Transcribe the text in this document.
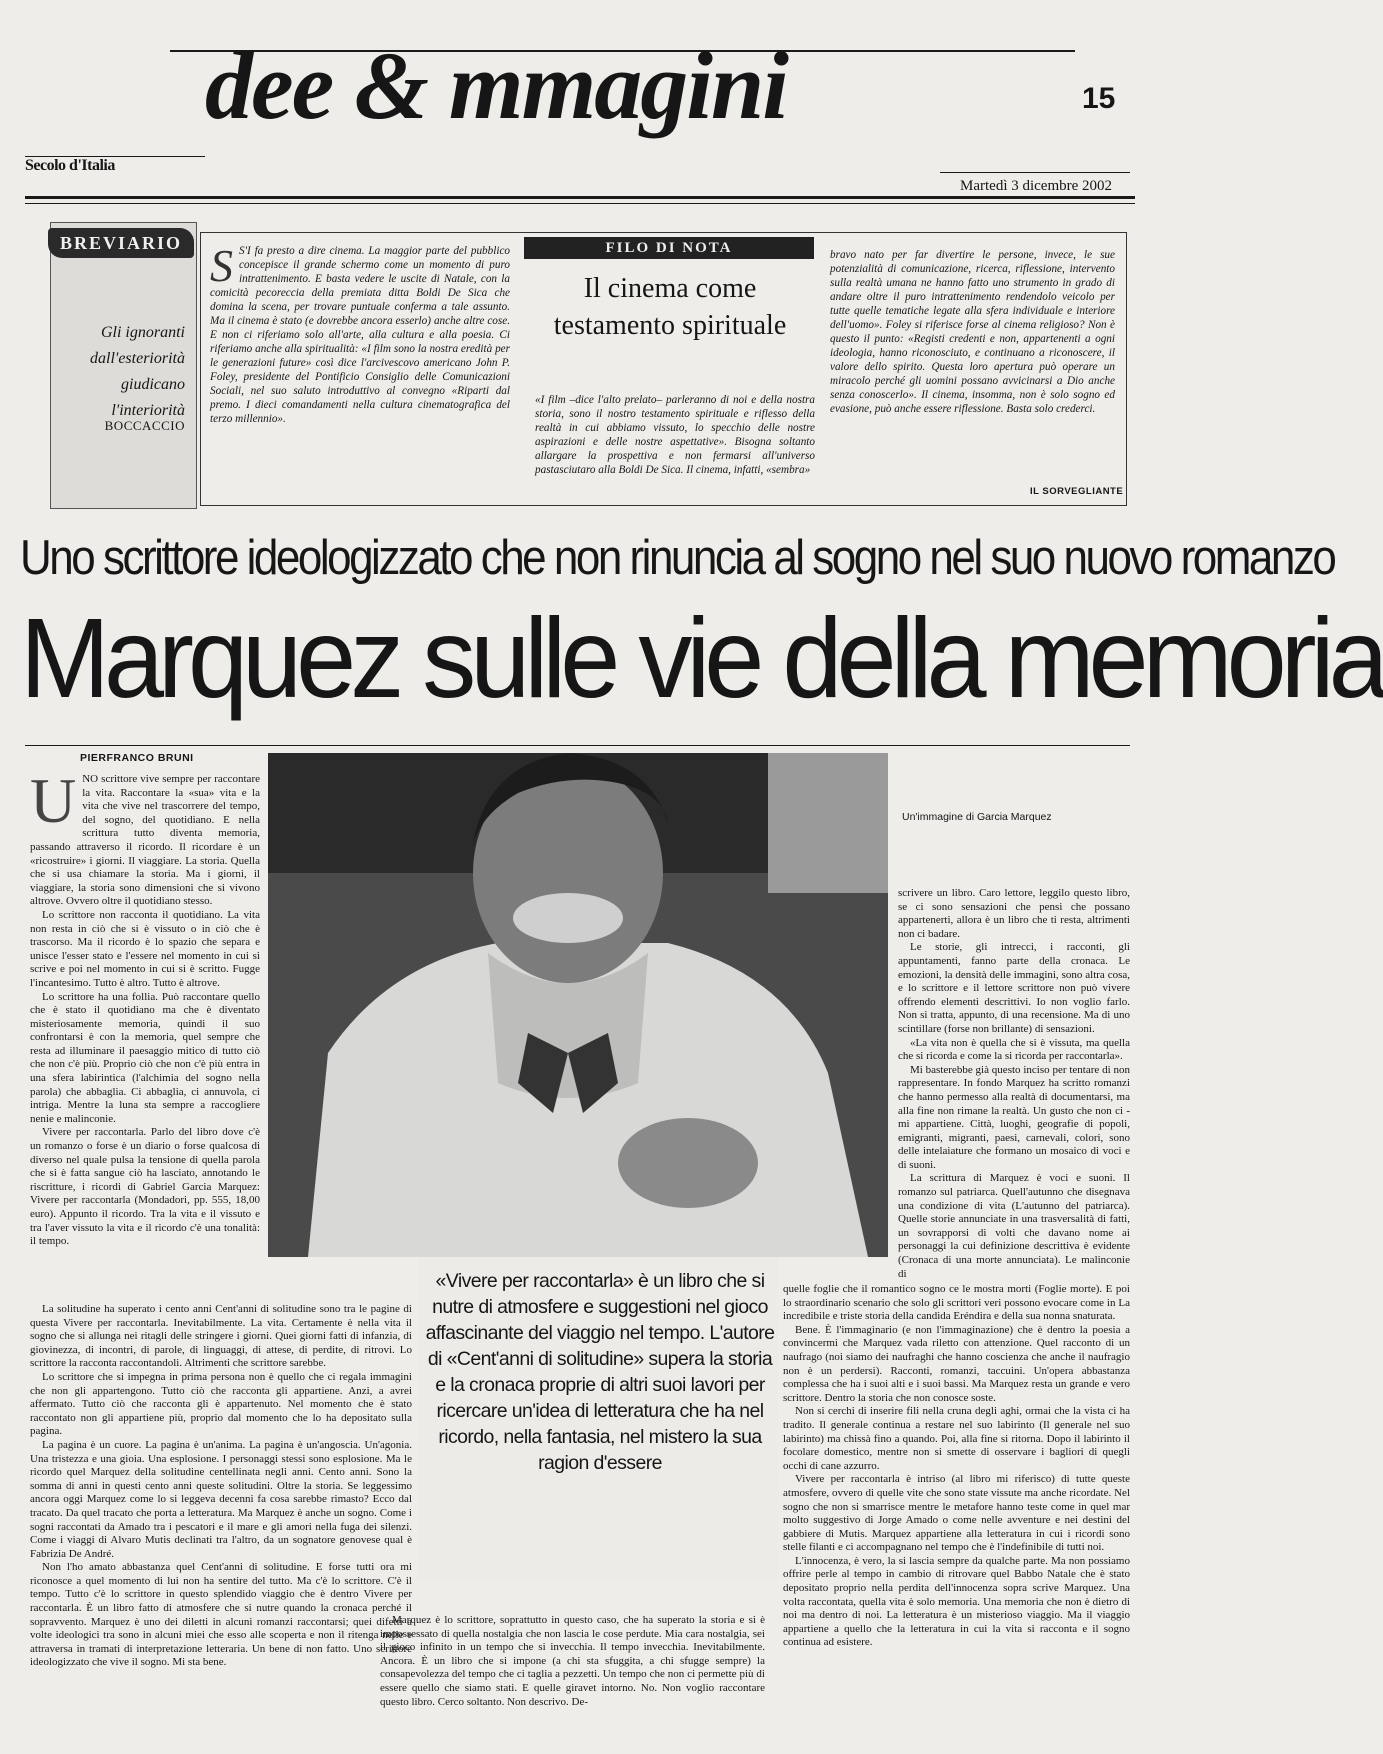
Secolo d'Italia
dee & mmagini	15
Martedì 3 dicembre 2002
BREVIARIO
Gli ignoranti dall'esteriorità giudicano l'interiorità
BOCCACCIO
S S'I fa presto a dire cinema. La maggior parte del pubblico concepisce il grande schermo come un momento di puro intrattenimento. E basta vedere le uscite di Natale, con la comicità pecoreccia della premiata ditta Boldi De Sica che domina la scena, per trovare puntuale conferma a tale assunto. Ma il cinema è stato (e dovrebbe ancora esserlo) anche altre cose. E non ci riferiamo solo all'arte, alla cultura e alla poesia. Ci riferiamo anche alla spiritualità: «I film sono la nostra eredità per le generazioni future» così dice l'arcivescovo americano John P. Foley, presidente del Pontificio Consiglio delle Comunicazioni Sociali, nel suo saluto introduttivo al convegno «Riparti dal premo. I dieci comandamenti nella cultura cinematografica del terzo millennio».
FILO DI NOTA
Il cinema come testamento spirituale
«I film –dice l'alto prelato– parleranno di noi e della nostra storia, sono il nostro testamento spirituale e riflesso della realtà in cui abbiamo vissuto, lo specchio delle nostre aspirazioni e delle nostre aspettative». Bisogna soltanto allargare la prospettiva e non fermarsi all'universo pastasciutaro alla Boldi De Sica. Il cinema, infatti, «sembra»
bravo nato per far divertire le persone, invece, le sue potenzialità di comunicazione, ricerca, riflessione, intervento sulla realtà umana ne hanno fatto uno strumento in grado di andare oltre il puro intrattenimento rendendolo veicolo per tutte quelle tematiche legate alla sfera individuale e interiore dell'uomo». Foley si riferisce forse al cinema religioso? Non è questo il punto: «Registi credenti e non, appartenenti a ogni ideologia, hanno riconosciuto, e continuano a riconoscere, il valore dello spirito. Questa loro apertura può operare un miracolo perché gli uomini possano avvicinarsi a Dio anche senza conoscerlo». Il cinema, insomma, non è solo sogno ed evasione, può anche essere riflessione. Basta solo crederci.
IL SORVEGLIANTE
Uno scrittore ideologizzato che non rinuncia al sogno nel suo nuovo romanzo
Marquez sulle vie della memoria
PIERFRANCO BRUNI

UNO scrittore vive sempre per raccontare la vita. Raccontare la «sua» vita e la vita che vive nel trascorrere del tempo, del sogno, del quotidiano. E nella scrittura tutto diventa memoria, passando attraverso il ricordo. Il ricordare è un «ricostruire» i giorni. Il viaggiare. La storia. Quella che si usa chiamare la storia. Ma i giorni, il viaggiare, la storia sono dimensioni che si vivono altrove. Ovvero oltre il quotidiano stesso.

Lo scrittore non racconta il quotidiano. La vita non resta in ciò che si è vissuto o in ciò che è trascorso. Ma il ricordo è lo spazio che separa e unisce l'esser stato e l'essere nel momento in cui si scrive e poi nel momento in cui si è scritto. Fugge l'incantesimo. Tutto è altro. Tutto è altrove.

Lo scrittore ha una follia. Può raccontare quello che è stato il quotidiano ma che è diventato misteriosamente memoria, quindi il suo confrontarsi è con la memoria, quel sempre che resta ad illuminare il paesaggio mitico di tutto ciò che non c'è più. Proprio ciò che non c'è più entra in una sfera labirintica (l'alchimia del sogno nella parola) che abbaglia. Ci abbaglia, ci annuvola, ci intriga. Mentre la luna sta sempre a raccogliere nenie e malinconie.

Vivere per raccontarla. Parlo del libro dove c'è un romanzo o forse è un diario o forse qualcosa di diverso nel quale pulsa la tensione di quella parola che si è fatta sangue ciò ha lasciato, annotando le riscritture, i ricordi di Gabriel Garcia Marquez: Vivere per raccontarla (Mondadori, pp. 555, 18,00 euro). Appunto il ricordo. Tra la vita e il vissuto e tra l'aver vissuto la vita e il ricordo c'è una tonalità: il tempo.

Un'immagine di Garcia Marquez

La solitudine ha superato i cento anni Cent'anni di solitudine sono tra le pagine di questa Vivere per raccontarla. Inevitabilmente. La vita. Certamente è nella vita il sogno che si allunga nei ritagli delle stringere i giorni. Quei giorni fatti di infanzia, di giovinezza, di incontri, di parole, di linguaggi, di attese, di perdite, di ritrovi. Lo scrittore la racconta raccontandoli. Altrimenti che scrittore sarebbe.

Lo scrittore che si impegna in prima persona non è quello che ci regala immagini che non gli appartengono. Tutto ciò che racconta gli appartiene. Anzi, a avrei affermato. Tutto ciò che racconta gli è appartenuto. Nel momento che è stato raccontato non gli appartiene più, proprio dal momento che lo ha depositato sulla pagina.

La pagina è un cuore. La pagina è un'anima. La pagina è un'angoscia. Un'agonia. Una tristezza e una gioia. Una esplosione. I personaggi stessi sono esplosione. Ma le ricordo quel Marquez della solitudine centellinata negli anni. Cento anni. Sono la somma di anni in questi cento anni queste solitudini. Oltre la storia. Se leggessimo ancora oggi Marquez come lo si leggeva decenni fa cosa sarebbe rimasto? Ecco dal tracato. Da quel tracato che porta a letteratura. Ma Marquez è anche un sogno. Come i sogni raccontati da Amado tra i pescatori e il mare e gli amori nella fuga dei silenzi. Come i viaggi di Alvaro Mutis declinati tra l'altro, da un sognatore genovese qual è Fabrizia De André.

Non l'ho amato abbastanza quel Cent'anni di solitudine. E forse tutti ora mi riconosce a quel momento di lui non ha sentire del tutto. Ma c'è lo scrittore. C'è il tempo. Tutto c'è lo scrittore in questo splendido viaggio che è dentro Vivere per raccontarla. È un libro fatto di atmosfere che si nutre quando la cronaca perché il sopravvento. Marquez è uno dei diletti in alcuni romanzi raccontarsi; quei difetti a volte ideologici tra sono in alcuni miei che esso alle scoperta e non il ritenga nelle e attraversa in tramati di interpretazione letteraria. Un bene di non fatto. Uno scrittore ideologizzato che vive il sogno. Mi sta bene.

«Vivere per raccontarla» è un libro che si nutre di atmosfere e suggestioni nel gioco affascinante del viaggio nel tempo. L'autore di «Cent'anni di solitudine» supera la storia e la cronaca proprie di altri suoi lavori per ricercare un'idea di letteratura che ha nel ricordo, nella fantasia, nel mistero la sua ragion d'essere

Marquez è lo scrittore, soprattutto in questo caso, che ha superato la storia e si è impossessato di quella nostalgia che non lascia le cose perdute. Mia cara nostalgia, sei il gioco infinito in un tempo che si invecchia. Il tempo invecchia. Inevitabilmente. Ancora. È un libro che si impone (a chi sta sfuggita, a chi sfugge sempre) la consapevolezza del tempo che ci taglia a pezzetti. Un tempo che non ci permette più di essere quello che siamo stati. E quelle giravet intorno. No. Non voglio raccontare questo libro. Cerco soltanto. Non descrivo. De-

scrivere un libro. Caro lettore, leggilo questo libro, se ci sono sensazioni che pensi che possano appartenerti, allora è un libro che ti resta, altrimenti non ci badare.

Le storie, gli intrecci, i racconti, gli appuntamenti, fanno parte della cronaca. Le emozioni, la densità delle immagini, sono altra cosa, e lo scrittore e il lettore scrittore non può vivere offrendo elementi descrittivi. Io non voglio farlo. Non si tratta, appunto, di una recensione. Ma di uno scintillare (forse non brillante) di sensazioni.

«La vita non è quella che si è vissuta, ma quella che si ricorda e come la si ricorda per raccontarla».

Mi basterebbe già questo inciso per tentare di non rappresentare. In fondo Marquez ha scritto romanzi che hanno permesso alla realtà di documentarsi, ma alla fine non rimane la realtà. Un gusto che non ci - mi appartiene. Città, luoghi, geografie di popoli, emigranti, migranti, paesi, carnevali, colori, sono delle intelaiature che formano un mosaico di voci e di suoni.

La scrittura di Marquez è voci e suoni. Il romanzo sul patriarca. Quell'autunno che disegnava una condizione di vita (L'autunno del patriarca). Quelle storie annunciate in una trasversalità di fatti, un sovrapporsi di volti che davano nome ai personaggi la cui definizione descrittiva è evidente (Cronaca di una morte annunciata). Le malinconie di

quelle foglie che il romantico sogno ce le mostra morti (Foglie morte). E poi lo straordinario scenario che solo gli scrittori veri possono evocare come in La incredibile e triste storia della candida Eréndira e della sua nonna snaturata.

Bene. È l'immaginario (e non l'immaginazione) che è dentro la poesia a convincermi che Marquez vada riletto con attenzione. Quel racconto di un naufrago (noi siamo dei naufraghi che hanno coscienza che anche il naufragio non è un perdersi). Racconti, romanzi, taccuini. Un'opera abbastanza complessa che ha i suoi alti e i suoi bassi. Ma Marquez resta un grande e vero scrittore. Dentro la storia che non conosce soste.

Non si cerchi di inserire fili nella cruna degli aghi, ormai che la vista ci ha tradito. Il generale continua a restare nel suo labirinto (Il generale nel suo labirinto) ma chissà fino a quando. Poi, alla fine si ritorna. Dopo il labirinto il focolare domestico, mentre non si smette di osservare i bagliori di quegli occhi di cane azzurro.

Vivere per raccontarla è intriso (al libro mi riferisco) di tutte queste atmosfere, ovvero di quelle vite che sono state vissute ma anche ricordate. Nel sogno che non si smarrisce mentre le metafore hanno teste come in quel mar molto suggestivo di Jorge Amado o come nelle avventure e nei destini del gabbiere di Mutis. Marquez appartiene alla letteratura in cui i ricordi sono stelle filanti e ci accompagnano nel tempo che è l'indefinibile di tutti noi.

L'innocenza, è vero, la si lascia sempre da qualche parte. Ma non possiamo offrire perle al tempo in cambio di ritrovare quel Babbo Natale che è stato depositato proprio nella perdita dell'innocenza sopra scrive Marquez. Una volta raccontata, quella vita è solo memoria. Una memoria che non è dietro di noi ma dentro di noi. La letteratura è un misterioso viaggio. Ma il viaggio appartiene a quello che la letteratura in cui la vita si racconta e il sogno continua ad esistere.
